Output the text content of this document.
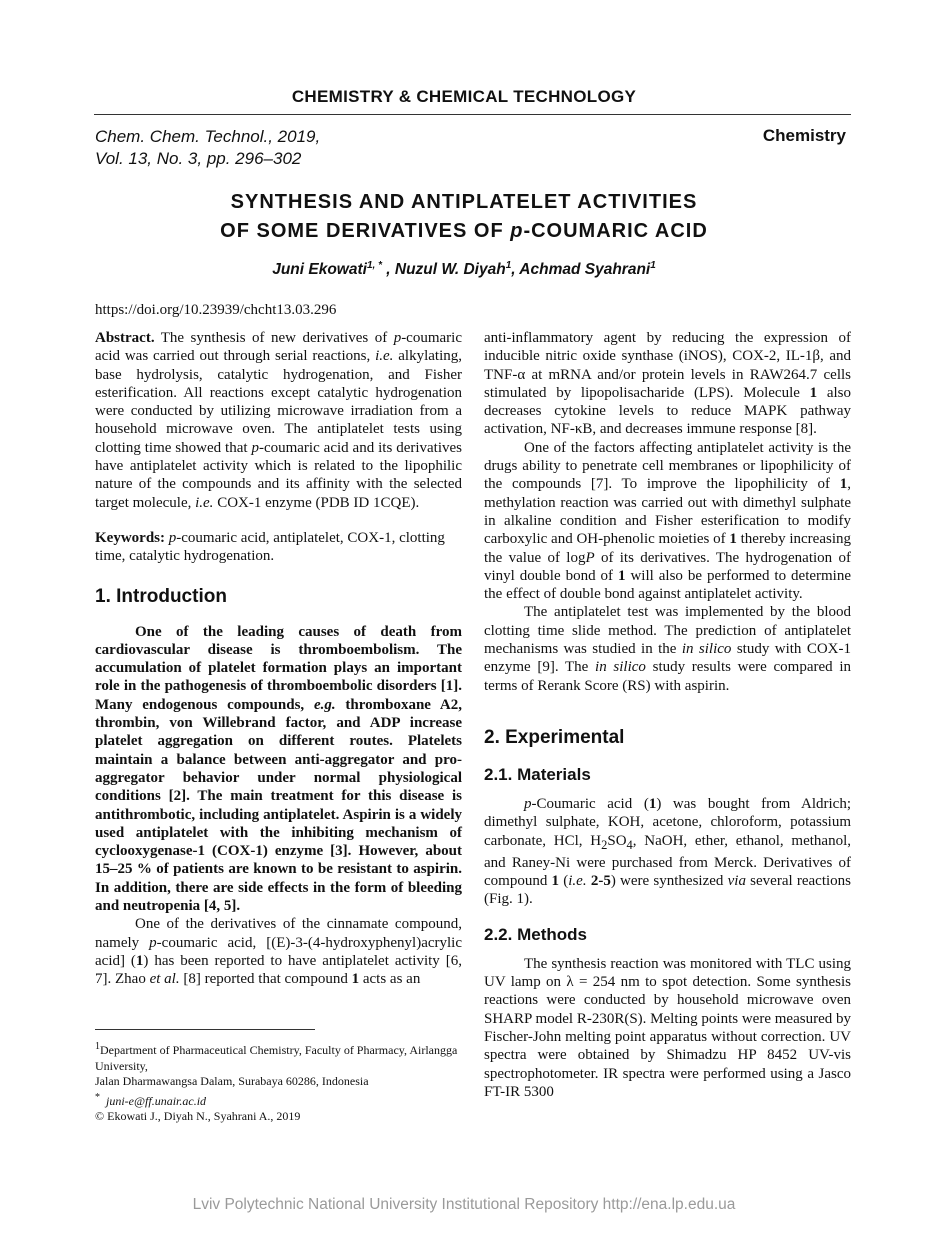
CHEMISTRY & CHEMICAL TECHNOLOGY
Chem. Chem. Technol., 2019,
Vol. 13, No. 3, pp. 296–302
Chemistry
SYNTHESIS AND ANTIPLATELET ACTIVITIES
OF SOME DERIVATIVES OF p-COUMARIC ACID
Juni Ekowati$^{1, *}$ , Nuzul W. Diyah$^1$, Achmad Syahrani$^1$
https://doi.org/10.23939/chcht13.03.296

Abstract. The synthesis of new derivatives of p-coumaric acid was carried out through serial reactions, i.e. alkylating, base hydrolysis, catalytic hydrogenation, and Fisher esterification. All reactions except catalytic hydrogenation were conducted by utilizing microwave irradiation from a household microwave oven. The antiplatelet tests using clotting time showed that p-coumaric acid and its derivatives have antiplatelet activity which is related to the lipophilic nature of the compounds and its affinity with the selected target molecule, i.e. COX-1 enzyme (PDB ID 1CQE).

Keywords: p-coumaric acid, antiplatelet, COX-1, clotting time, catalytic hydrogenation.

1. Introduction

One of the leading causes of death from cardiovascular disease is thromboembolism. The accumulation of platelet formation plays an important role in the pathogenesis of thromboembolic disorders [1]. Many endogenous compounds, e.g. thromboxane A2, thrombin, von Willebrand factor, and ADP increase platelet aggregation on different routes. Platelets maintain a balance between anti-aggregator and pro-aggregator behavior under normal physiological conditions [2]. The main treatment for this disease is antithrombotic, including antiplatelet. Aspirin is a widely used antiplatelet with the inhibiting mechanism of cyclooxygenase-1 (COX-1) enzyme [3]. However, about 15–25 % of patients are known to be resistant to aspirin. In addition, there are side effects in the form of bleeding and neutropenia [4, 5].

One of the derivatives of the cinnamate compound, namely p-coumaric acid, [(E)-3-(4-hydroxyphenyl)acrylic acid] (1) has been reported to have antiplatelet activity [6, 7]. Zhao et al. [8] reported that compound 1 acts as an

anti-inflammatory agent by reducing the expression of inducible nitric oxide synthase (iNOS), COX-2, IL-1β, and TNF-α at mRNA and/or protein levels in RAW264.7 cells stimulated by lipopolisacharide (LPS). Molecule 1 also decreases cytokine levels to reduce MAPK pathway activation, NF-κB, and decreases immune response [8].

One of the factors affecting antiplatelet activity is the drugs ability to penetrate cell membranes or lipophilicity of the compounds [7]. To improve the lipophilicity of 1, methylation reaction was carried out with dimethyl sulphate in alkaline condition and Fisher esterification to modify carboxylic and OH-phenolic moieties of 1 thereby increasing the value of logP of its derivatives. The hydrogenation of vinyl double bond of 1 will also be performed to determine the effect of double bond against antiplatelet activity.

The antiplatelet test was implemented by the blood clotting time slide method. The prediction of antiplatelet mechanisms was studied in the in silico study with COX-1 enzyme [9]. The in silico study results were compared in terms of Rerank Score (RS) with aspirin.

2. Experimental
2.1. Materials

p-Coumaric acid (1) was bought from Aldrich; dimethyl sulphate, KOH, acetone, chloroform, potassium carbonate, HCl, $H_2SO_4$, NaOH, ether, ethanol, methanol, and Raney-Ni were purchased from Merck. Derivatives of compound 1 (i.e. 2-5) were synthesized via several reactions (Fig. 1).

2.2. Methods

The synthesis reaction was monitored with TLC using UV lamp on λ = 254 nm to spot detection. Some synthesis reactions were conducted by household microwave oven SHARP model R-230R(S). Melting points were measured by Fischer-John melting point apparatus without correction. UV spectra were obtained by Shimadzu HP 8452 UV-vis spectrophotometer. IR spectra were performed using a Jasco FT-IR 5300

$^1$Department of Pharmaceutical Chemistry, Faculty of Pharmacy, Airlangga University,
Jalan Dharmawangsa Dalam, Surabaya 60286, Indonesia
* juni-e@ff.unair.ac.id
© Ekowati J., Diyah N., Syahrani A., 2019
Lviv Polytechnic National University Institutional Repository http://ena.lp.edu.ua
